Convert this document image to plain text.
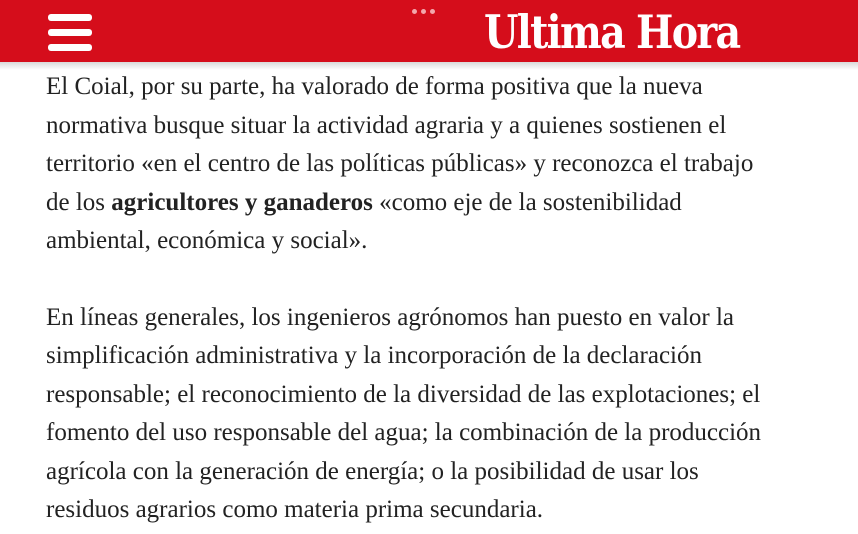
Ultima Hora

El Coial, por su parte, ha valorado de forma positiva que la nueva

normativa busque situar la actividad agraria y a quienes sostienen el

territorio «en el centro de las políticas públicas» y reconozca el trabajo

de los agricultores y ganaderos «como eje de la sostenibilidad

ambiental, económica y social».

En líneas generales, los ingenieros agrónomos han puesto en valor la

simplificación administrativa y la incorporación de la declaración

responsable; el reconocimiento de la diversidad de las explotaciones; el

fomento del uso responsable del agua; la combinación de la producción

agrícola con la generación de energía; o la posibilidad de usar los

residuos agrarios como materia prima secundaria.
